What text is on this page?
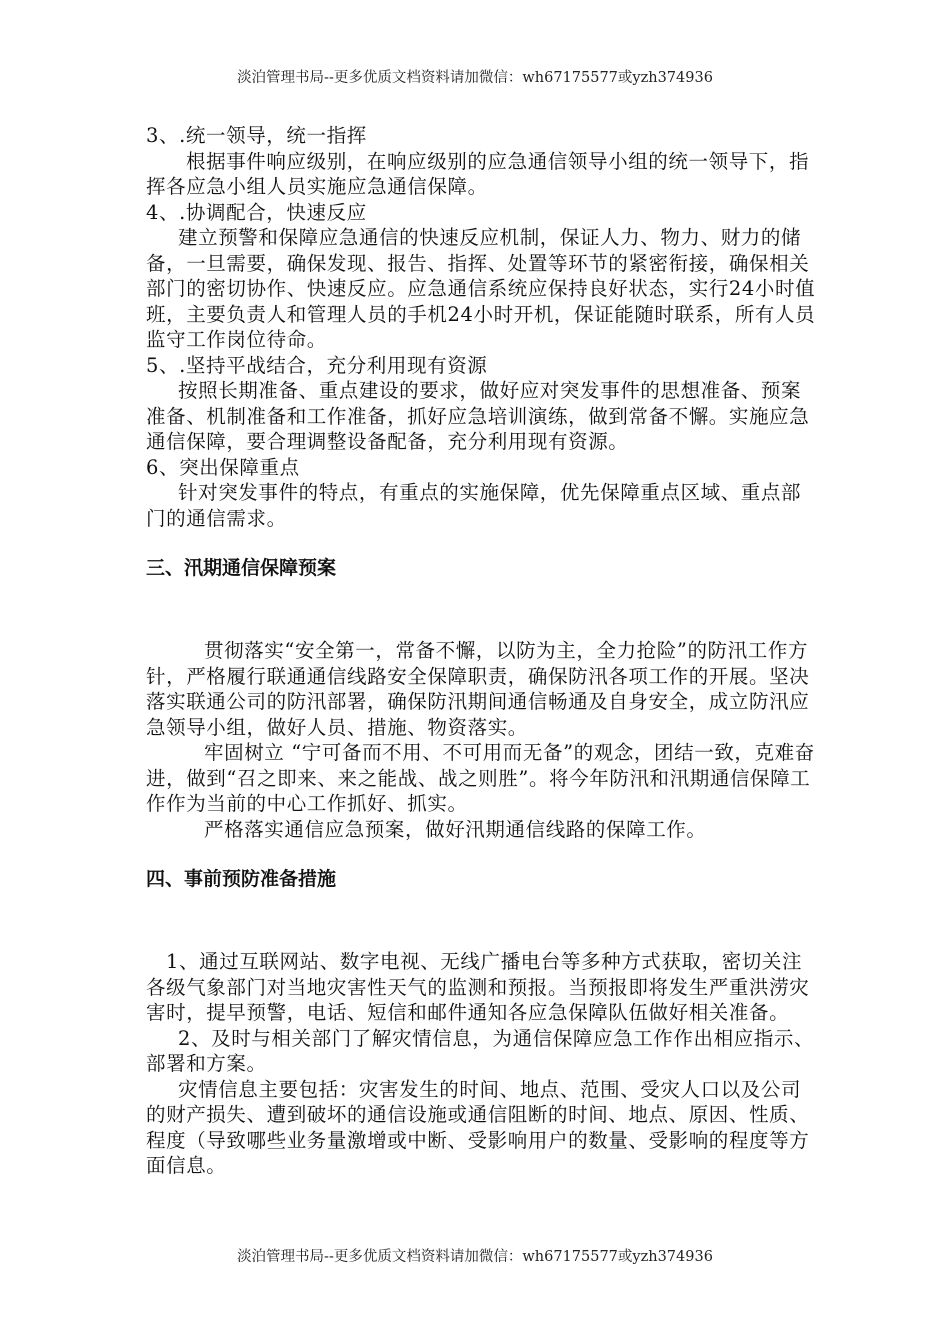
淡泊管理书局--更多优质文档资料请加微信：wh67175577或yzh374936

3、.统一领导，统一指挥

根据事件响应级别，在响应级别的应急通信领导小组的统一领导下，指挥各应急小组人员实施应急通信保障。

4、.协调配合，快速反应

建立预警和保障应急通信的快速反应机制，保证人力、物力、财力的储备，一旦需要，确保发现、报告、指挥、处置等环节的紧密衔接，确保相关部门的密切协作、快速反应。应急通信系统应保持良好状态，实行24小时值班，主要负责人和管理人员的手机24小时开机，保证能随时联系，所有人员监守工作岗位待命。

5、.坚持平战结合，充分利用现有资源

按照长期准备、重点建设的要求，做好应对突发事件的思想准备、预案准备、机制准备和工作准备，抓好应急培训演练，做到常备不懈。实施应急通信保障，要合理调整设备配备，充分利用现有资源。

6、突出保障重点

针对突发事件的特点，有重点的实施保障，优先保障重点区域、重点部门的通信需求。

三、汛期通信保障预案

贯彻落实“安全第一，常备不懈，以防为主，全力抢险”的防汛工作方针，严格履行联通通信线路安全保障职责，确保防汛各项工作的开展。坚决落实联通公司的防汛部署，确保防汛期间通信畅通及自身安全，成立防汛应急领导小组，做好人员、措施、物资落实。

牢固树立 “宁可备而不用、不可用而无备”的观念，团结一致，克难奋进，做到“召之即来、来之能战、战之则胜”。将今年防汛和汛期通信保障工作作为当前的中心工作抓好、抓实。

严格落实通信应急预案，做好汛期通信线路的保障工作。

四、事前预防准备措施

1、通过互联网站、数字电视、无线广播电台等多种方式获取，密切关注各级气象部门对当地灾害性天气的监测和预报。当预报即将发生严重洪涝灾害时，提早预警，电话、短信和邮件通知各应急保障队伍做好相关准备。

2、及时与相关部门了解灾情信息，为通信保障应急工作作出相应指示、部署和方案。

灾情信息主要包括：灾害发生的时间、地点、范围、受灾人口以及公司的财产损失、遭到破坏的通信设施或通信阻断的时间、地点、原因、性质、程度（导致哪些业务量激增或中断、受影响用户的数量、受影响的程度等方面信息。

淡泊管理书局--更多优质文档资料请加微信：wh67175577或yzh374936
